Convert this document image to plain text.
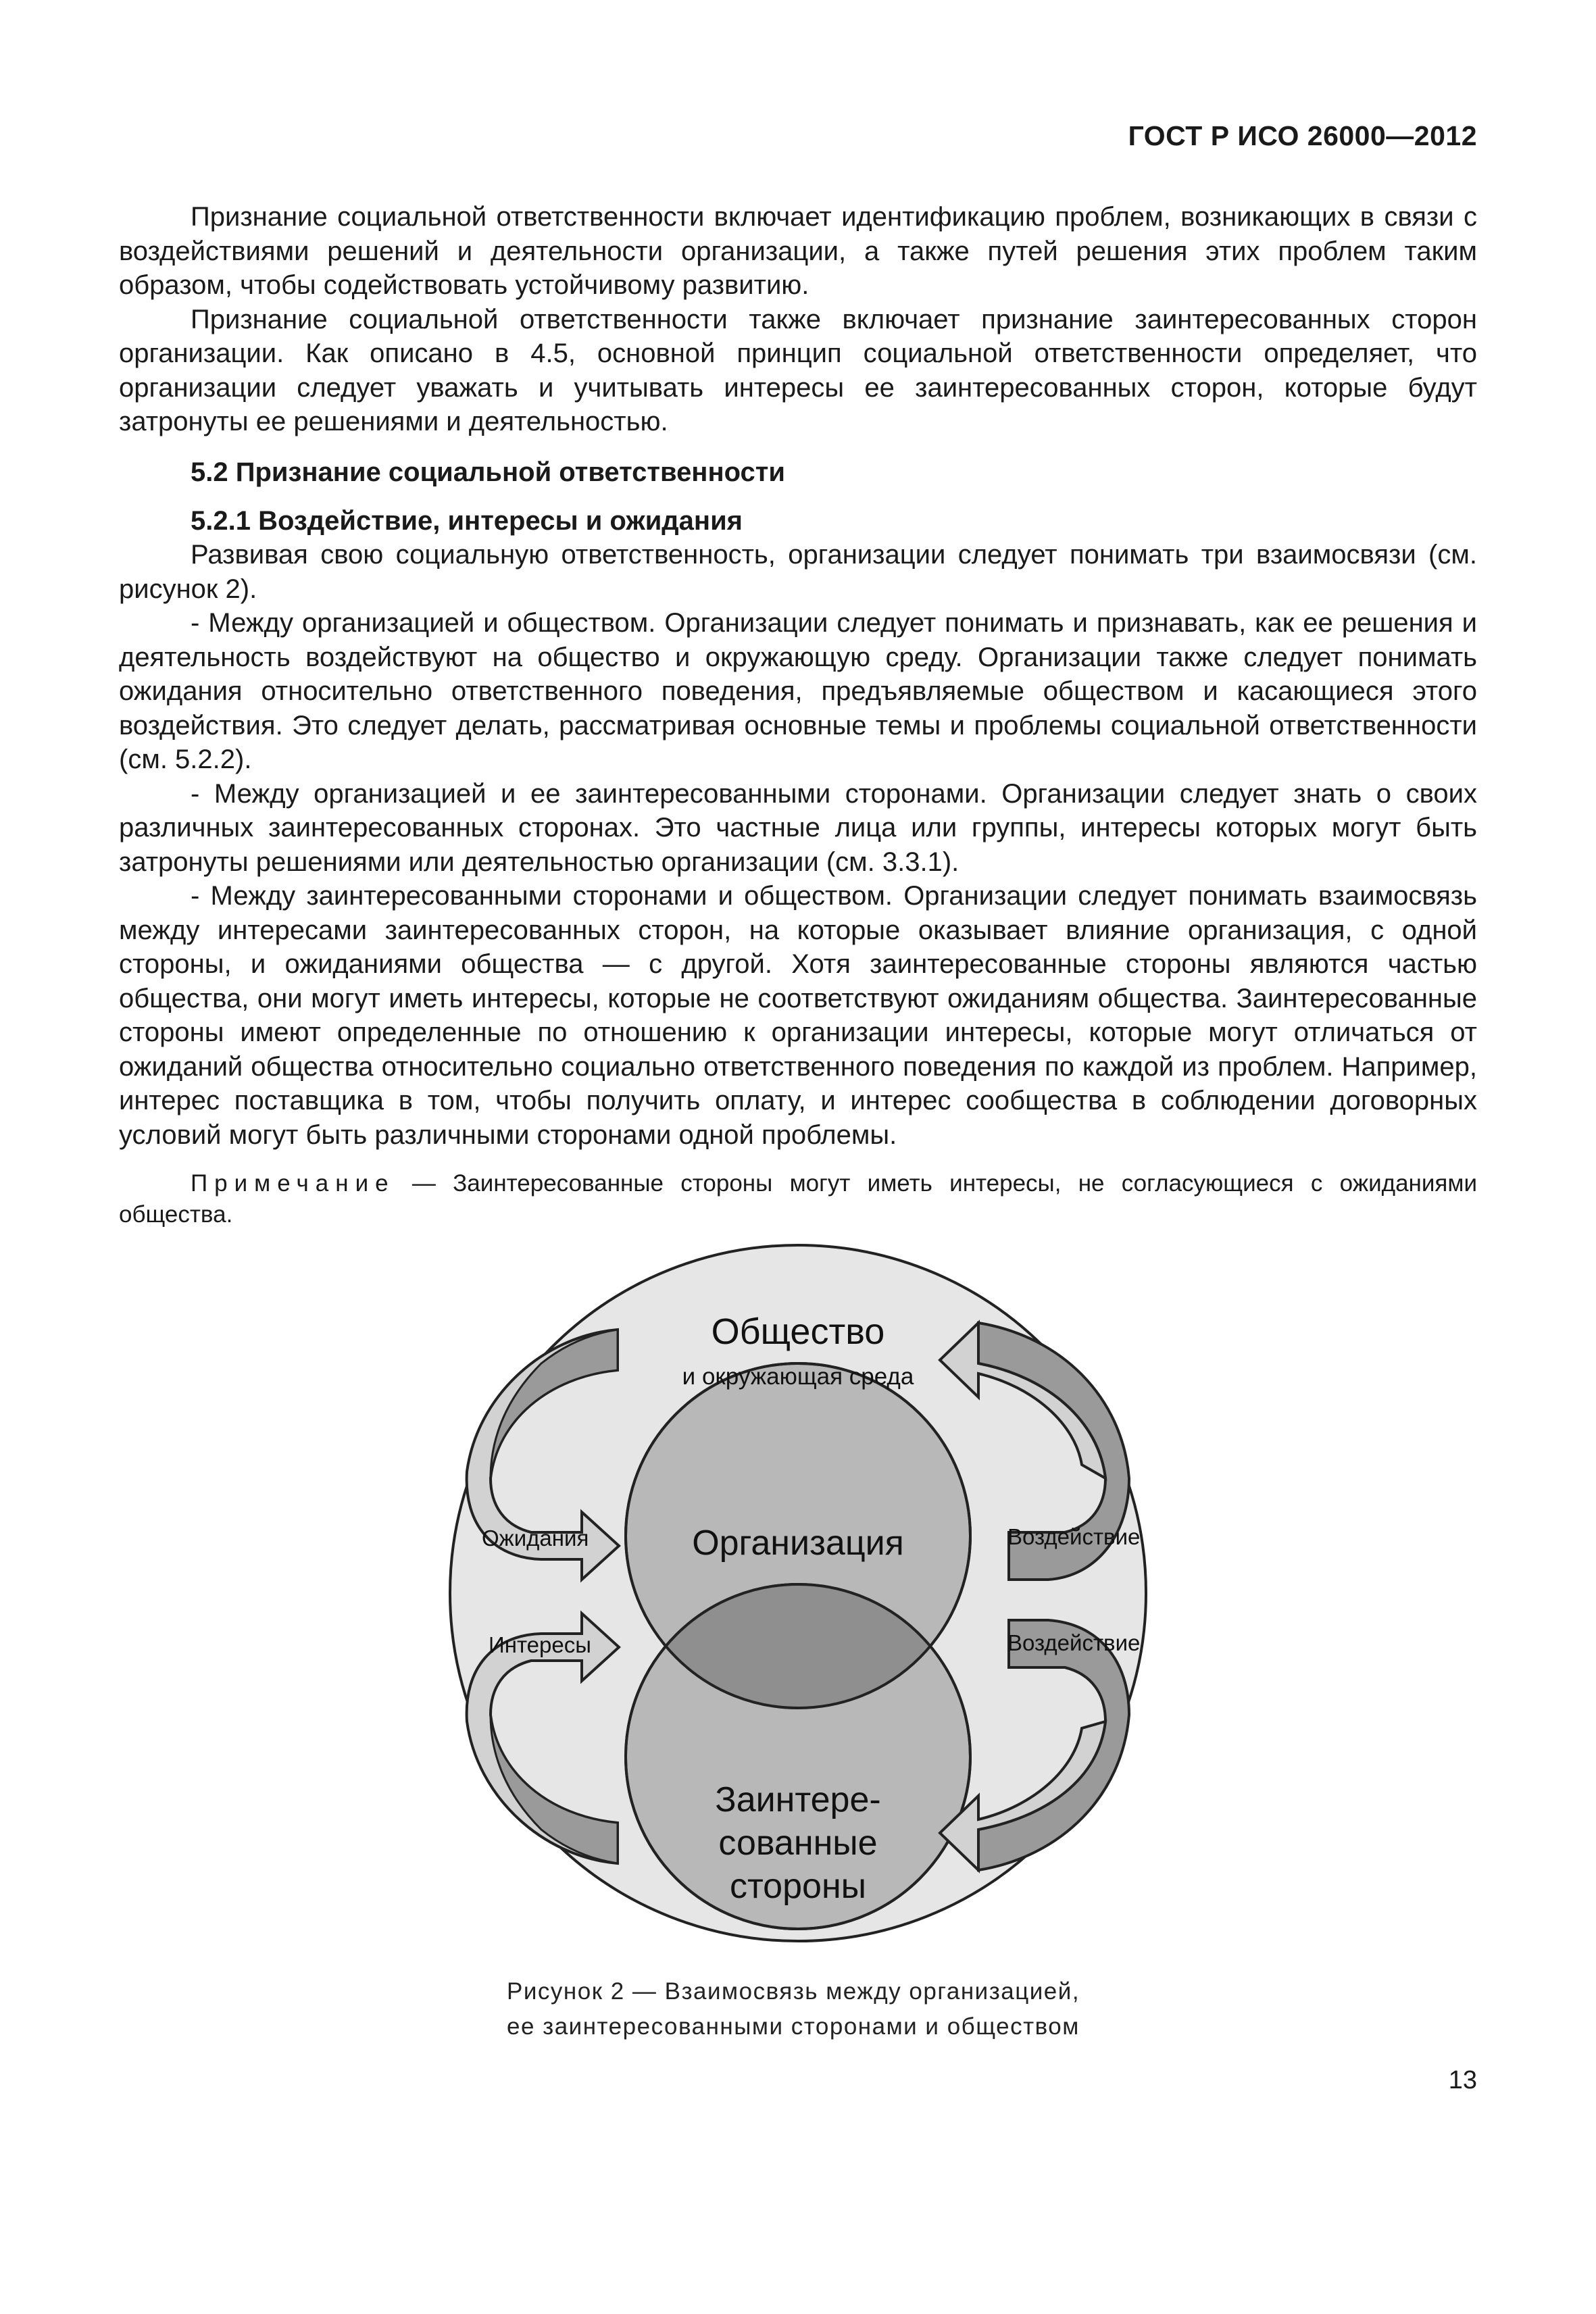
ГОСТ Р ИСО 26000—2012

Признание социальной ответственности включает идентификацию проблем, возникающих в связи с воздействиями решений и деятельности организации, а также путей решения этих проблем таким образом, чтобы содействовать устойчивому развитию.

Признание социальной ответственности также включает признание заинтересованных сторон организации. Как описано в 4.5, основной принцип социальной ответственности определяет, что организации следует уважать и учитывать интересы ее заинтересованных сторон, которые будут затронуты ее решениями и деятельностью.

5.2 Признание социальной ответственности
5.2.1 Воздействие, интересы и ожидания

Развивая свою социальную ответственность, организации следует понимать три взаимосвязи (см. рисунок 2).

- Между организацией и обществом. Организации следует понимать и признавать, как ее решения и деятельность воздействуют на общество и окружающую среду. Организации также следует понимать ожидания относительно ответственного поведения, предъявляемые обществом и касающиеся этого воздействия. Это следует делать, рассматривая основные темы и проблемы социальной ответственности (см. 5.2.2).

- Между организацией и ее заинтересованными сторонами. Организации следует знать о своих различных заинтересованных сторонах. Это частные лица или группы, интересы которых могут быть затронуты решениями или деятельностью организации (см. 3.3.1).

- Между заинтересованными сторонами и обществом. Организации следует понимать взаимосвязь между интересами заинтересованных сторон, на которые оказывает влияние организация, с одной стороны, и ожиданиями общества — с другой. Хотя заинтересованные стороны являются частью общества, они могут иметь интересы, которые не соответствуют ожиданиям общества. Заинтересованные стороны имеют определенные по отношению к организации интересы, которые могут отличаться от ожиданий общества относительно социально ответственного поведения по каждой из проблем. Например, интерес поставщика в том, чтобы получить оплату, и интерес сообщества в соблюдении договорных условий могут быть различными сторонами одной проблемы.

Примечание — Заинтересованные стороны могут иметь интересы, не согласующиеся с ожиданиями общества.

Общество
и окружающая среда
Организация
Заинтере-
сованные
стороны
Ожидания
Интересы
Воздействие
Воздействие
Рисунок 2 — Взаимосвязь между организацией,
ее заинтересованными сторонами и обществом
13
